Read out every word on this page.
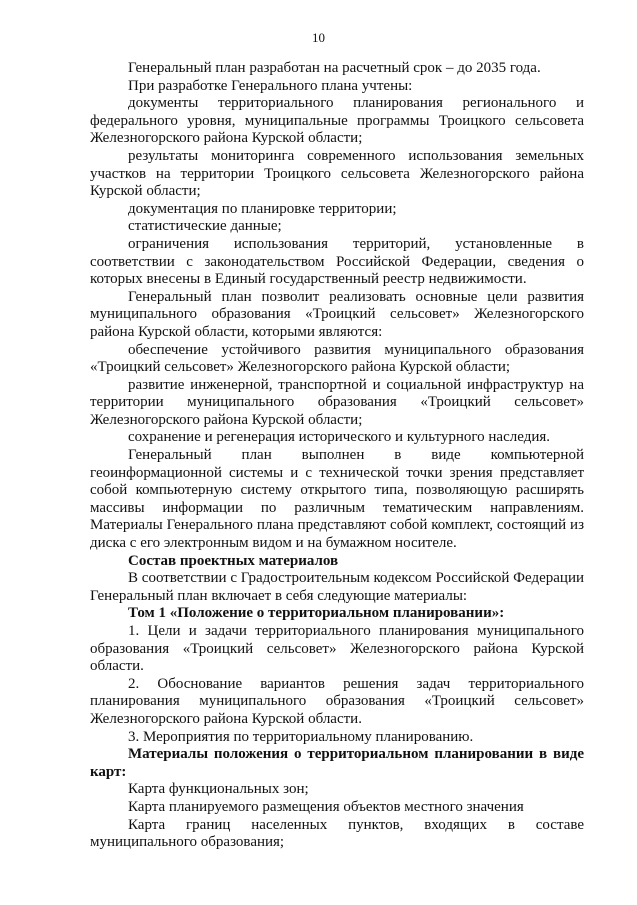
10

Генеральный план разработан на расчетный срок – до 2035 года.

При разработке Генерального плана учтены:

документы территориального планирования регионального и федерального уровня, муниципальные программы Троицкого сельсовета Железногорского района Курской области;

результаты мониторинга современного использования земельных участков на территории Троицкого сельсовета Железногорского района Курской области;

документация по планировке территории;

статистические данные;

ограничения использования территорий, установленные в соответствии с законодательством Российской Федерации, сведения о которых внесены в Единый государственный реестр недвижимости.

Генеральный план позволит реализовать основные цели развития муниципального образования «Троицкий сельсовет» Железногорского района Курской области, которыми являются:

обеспечение устойчивого развития муниципального образования «Троицкий сельсовет» Железногорского района Курской области;

развитие инженерной, транспортной и социальной инфраструктур на территории муниципального образования «Троицкий сельсовет» Железногорского района Курской области;

сохранение и регенерация исторического и культурного наследия.

Генеральный план выполнен в виде компьютерной геоинформационной системы и с технической точки зрения представляет собой компьютерную систему открытого типа, позволяющую расширять массивы информации по различным тематическим направлениям. Материалы Генерального плана представляют собой комплект, состоящий из диска с его электронным видом и на бумажном носителе.

Состав проектных материалов

В соответствии с Градостроительным кодексом Российской Федерации Генеральный план включает в себя следующие материалы:

Том 1 «Положение о территориальном планировании»:

1. Цели и задачи территориального планирования муниципального образования «Троицкий сельсовет» Железногорского района Курской области.

2. Обоснование вариантов решения задач территориального планирования муниципального образования «Троицкий сельсовет» Железногорского района Курской области.

3. Мероприятия по территориальному планированию.

Материалы положения о территориальном планировании в виде карт:

Карта функциональных зон;

Карта планируемого размещения объектов местного значения

Карта границ населенных пунктов, входящих в составе муниципального образования;
